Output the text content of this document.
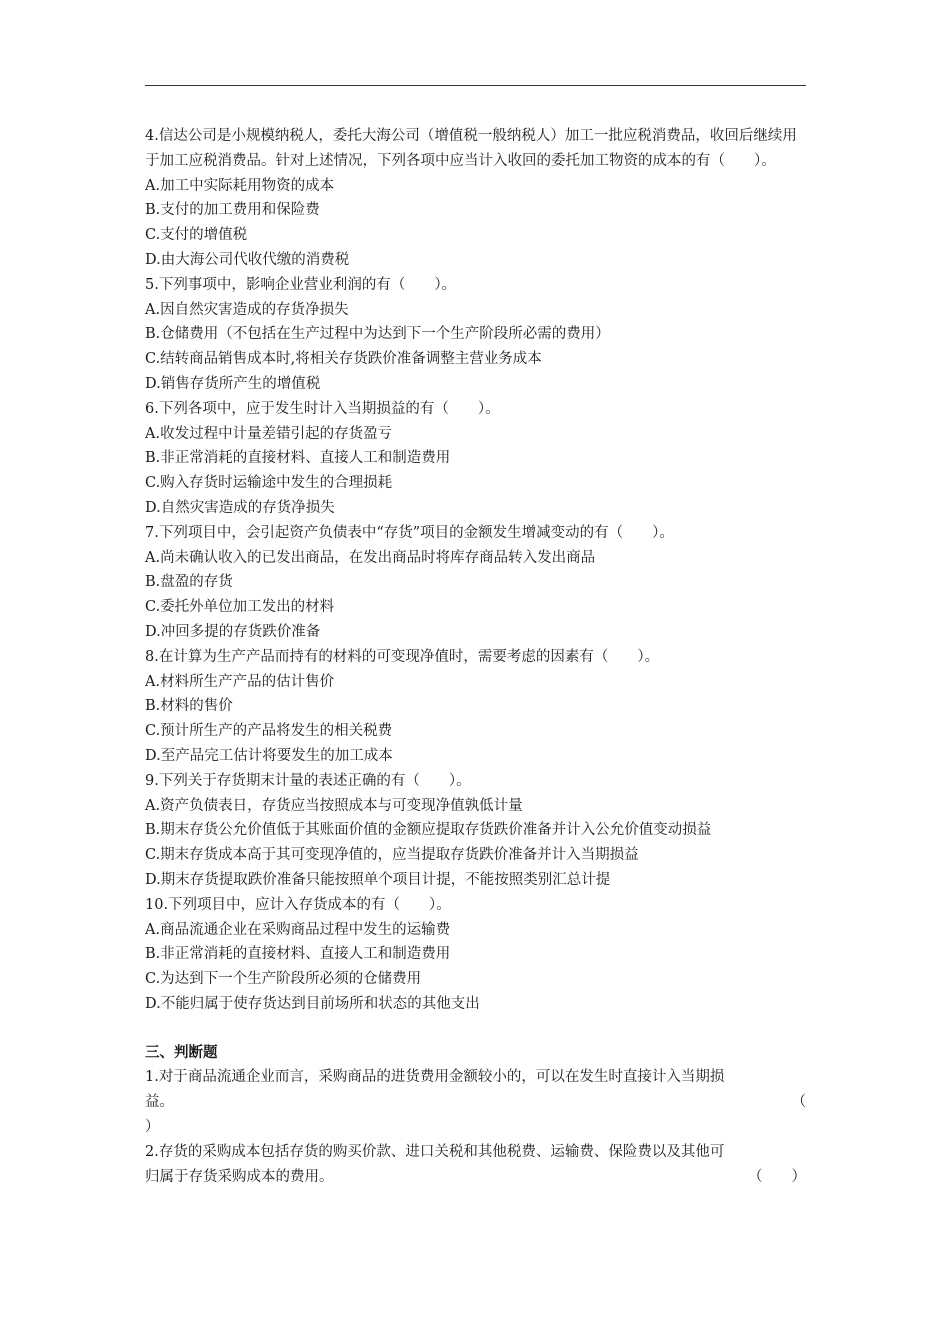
4.信达公司是小规模纳税人，委托大海公司（增值税一般纳税人）加工一批应税消费品，收回后继续用于加工应税消费品。针对上述情况，下列各项中应当计入收回的委托加工物资的成本的有（　　）。
A.加工中实际耗用物资的成本
B.支付的加工费用和保险费
C.支付的增值税
D.由大海公司代收代缴的消费税
5.下列事项中，影响企业营业利润的有（　　）。
A.因自然灾害造成的存货净损失
B.仓储费用（不包括在生产过程中为达到下一个生产阶段所必需的费用）
C.结转商品销售成本时,将相关存货跌价准备调整主营业务成本
D.销售存货所产生的增值税
6.下列各项中，应于发生时计入当期损益的有（　　）。
A.收发过程中计量差错引起的存货盈亏
B.非正常消耗的直接材料、直接人工和制造费用
C.购入存货时运输途中发生的合理损耗
D.自然灾害造成的存货净损失
7.下列项目中，会引起资产负债表中“存货”项目的金额发生增减变动的有（　　）。
A.尚未确认收入的已发出商品，在发出商品时将库存商品转入发出商品
B.盘盈的存货
C.委托外单位加工发出的材料
D.冲回多提的存货跌价准备
8.在计算为生产产品而持有的材料的可变现净值时，需要考虑的因素有（　　）。
A.材料所生产产品的估计售价
B.材料的售价
C.预计所生产的产品将发生的相关税费
D.至产品完工估计将要发生的加工成本
9.下列关于存货期末计量的表述正确的有（　　）。
A.资产负债表日，存货应当按照成本与可变现净值孰低计量
B.期末存货公允价值低于其账面价值的金额应提取存货跌价准备并计入公允价值变动损益
C.期末存货成本高于其可变现净值的，应当提取存货跌价准备并计入当期损益
D.期末存货提取跌价准备只能按照单个项目计提，不能按照类别汇总计提
10.下列项目中，应计入存货成本的有（　　）。
A.商品流通企业在采购商品过程中发生的运输费
B.非正常消耗的直接材料、直接人工和制造费用
C.为达到下一个生产阶段所必须的仓储费用
D.不能归属于使存货达到目前场所和状态的其他支出
三、判断题
1.对于商品流通企业而言，采购商品的进货费用金额较小的，可以在发生时直接计入当期损
益。	（
）
2.存货的采购成本包括存货的购买价款、进口关税和其他税费、运输费、保险费以及其他可
归属于存货采购成本的费用。	（　　）
